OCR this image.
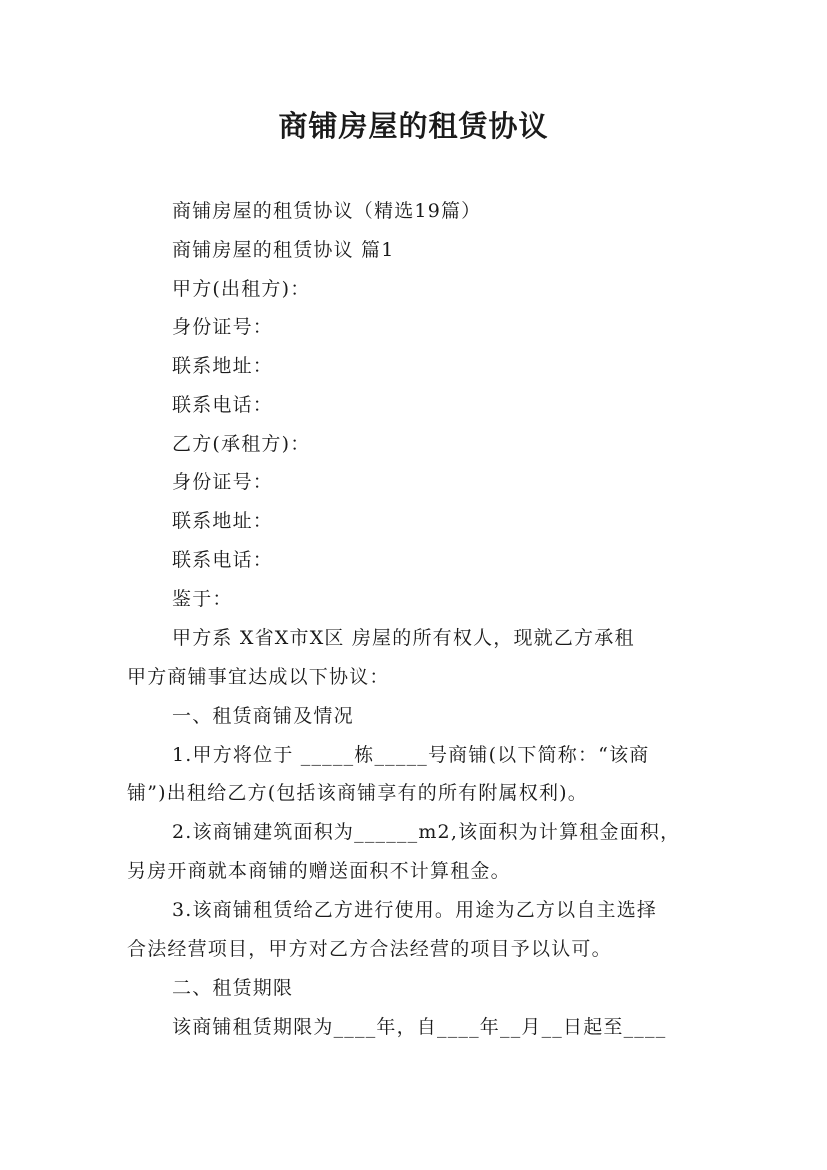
商铺房屋的租赁协议
商铺房屋的租赁协议（精选19篇）
商铺房屋的租赁协议 篇1
甲方(出租方)：
身份证号：
联系地址：
联系电话：
乙方(承租方)：
身份证号：
联系地址：
联系电话：
鉴于：
甲方系 X省X市X区 房屋的所有权人，现就乙方承租
甲方商铺事宜达成以下协议：
一、租赁商铺及情况
1.甲方将位于 _____栋_____号商铺(以下简称：“该商
铺”)出租给乙方(包括该商铺享有的所有附属权利)。
2.该商铺建筑面积为______m2,该面积为计算租金面积，
另房开商就本商铺的赠送面积不计算租金。
3.该商铺租赁给乙方进行使用。用途为乙方以自主选择
合法经营项目，甲方对乙方合法经营的项目予以认可。
二、租赁期限
该商铺租赁期限为____年，自____年__月__日起至____
